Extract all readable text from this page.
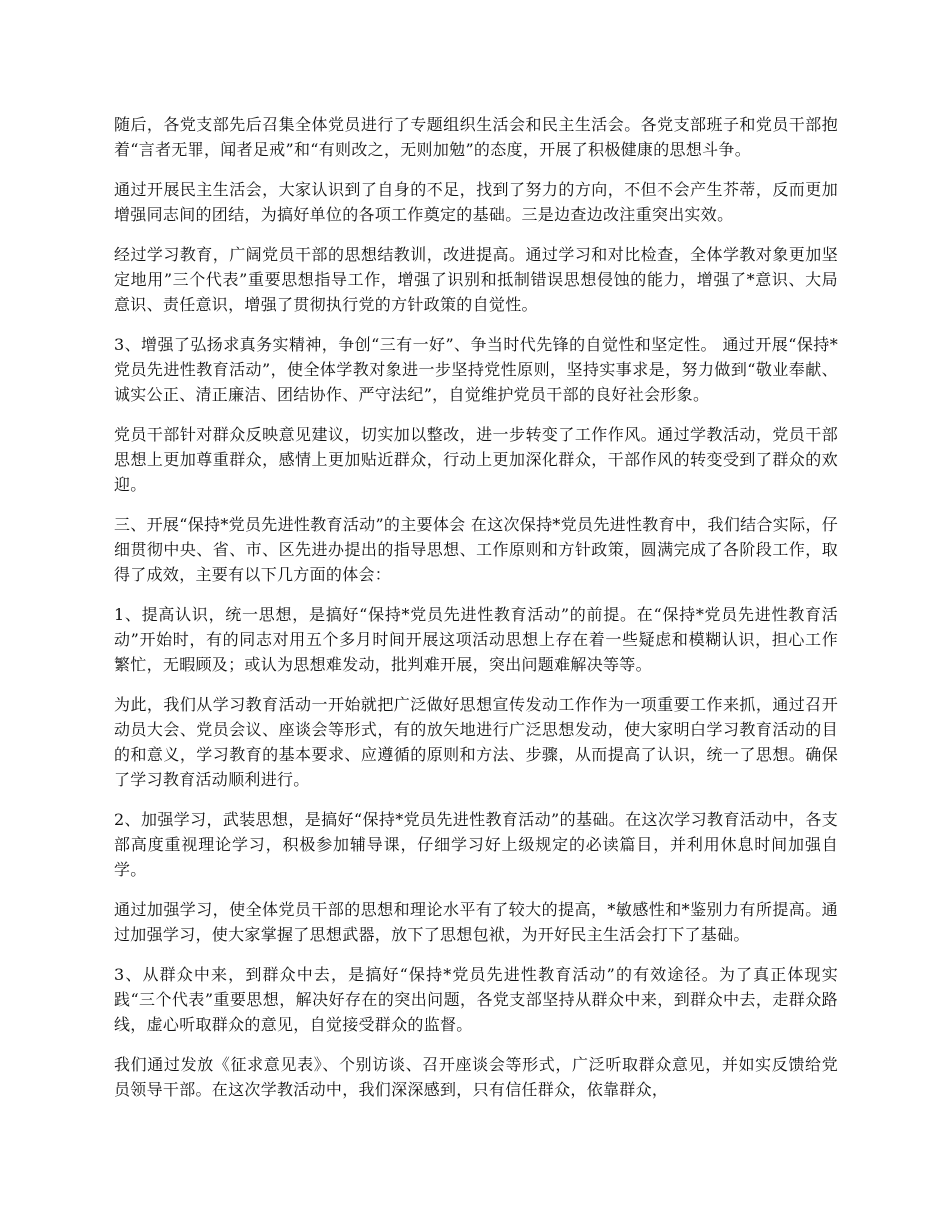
随后，各党支部先后召集全体党员进行了专题组织生活会和民主生活会。各党支部班子和党员干部抱着“言者无罪，闻者足戒”和“有则改之，无则加勉”的态度，开展了积极健康的思想斗争。

通过开展民主生活会，大家认识到了自身的不足，找到了努力的方向，不但不会产生芥蒂，反而更加增强同志间的团结，为搞好单位的各项工作奠定的基础。三是边查边改注重突出实效。

经过学习教育，广阔党员干部的思想结教训，改进提高。通过学习和对比检查，全体学教对象更加坚定地用”三个代表”重要思想指导工作，增强了识别和抵制错误思想侵蚀的能力，增强了*意识、大局意识、责任意识，增强了贯彻执行党的方针政策的自觉性。

3、增强了弘扬求真务实精神，争创“三有一好”、争当时代先锋的自觉性和坚定性。 通过开展“保持*党员先进性教育活动”，使全体学教对象进一步坚持党性原则，坚持实事求是，努力做到“敬业奉献、诚实公正、清正廉洁、团结协作、严守法纪”，自觉维护党员干部的良好社会形象。

党员干部针对群众反映意见建议，切实加以整改，进一步转变了工作作风。通过学教活动，党员干部思想上更加尊重群众，感情上更加贴近群众，行动上更加深化群众，干部作风的转变受到了群众的欢迎。

三、开展“保持*党员先进性教育活动”的主要体会 在这次保持*党员先进性教育中，我们结合实际，仔细贯彻中央、省、市、区先进办提出的指导思想、工作原则和方针政策，圆满完成了各阶段工作，取得了成效，主要有以下几方面的体会：

1、提高认识，统一思想，是搞好“保持*党员先进性教育活动”的前提。在“保持*党员先进性教育活动”开始时，有的同志对用五个多月时间开展这项活动思想上存在着一些疑虑和模糊认识，担心工作繁忙，无暇顾及；或认为思想难发动，批判难开展，突出问题难解决等等。

为此，我们从学习教育活动一开始就把广泛做好思想宣传发动工作作为一项重要工作来抓，通过召开动员大会、党员会议、座谈会等形式，有的放矢地进行广泛思想发动，使大家明白学习教育活动的目的和意义，学习教育的基本要求、应遵循的原则和方法、步骤，从而提高了认识，统一了思想。确保了学习教育活动顺利进行。

2、加强学习，武装思想，是搞好“保持*党员先进性教育活动”的基础。在这次学习教育活动中，各支部高度重视理论学习，积极参加辅导课，仔细学习好上级规定的必读篇目，并利用休息时间加强自学。

通过加强学习，使全体党员干部的思想和理论水平有了较大的提高，*敏感性和*鉴别力有所提高。通过加强学习，使大家掌握了思想武器，放下了思想包袱，为开好民主生活会打下了基础。

3、从群众中来，到群众中去，是搞好“保持*党员先进性教育活动”的有效途径。为了真正体现实践“三个代表”重要思想，解决好存在的突出问题，各党支部坚持从群众中来，到群众中去，走群众路线，虚心听取群众的意见，自觉接受群众的监督。

我们通过发放《征求意见表》、个别访谈、召开座谈会等形式，广泛听取群众意见，并如实反馈给党员领导干部。在这次学教活动中，我们深深感到，只有信任群众，依靠群众，
